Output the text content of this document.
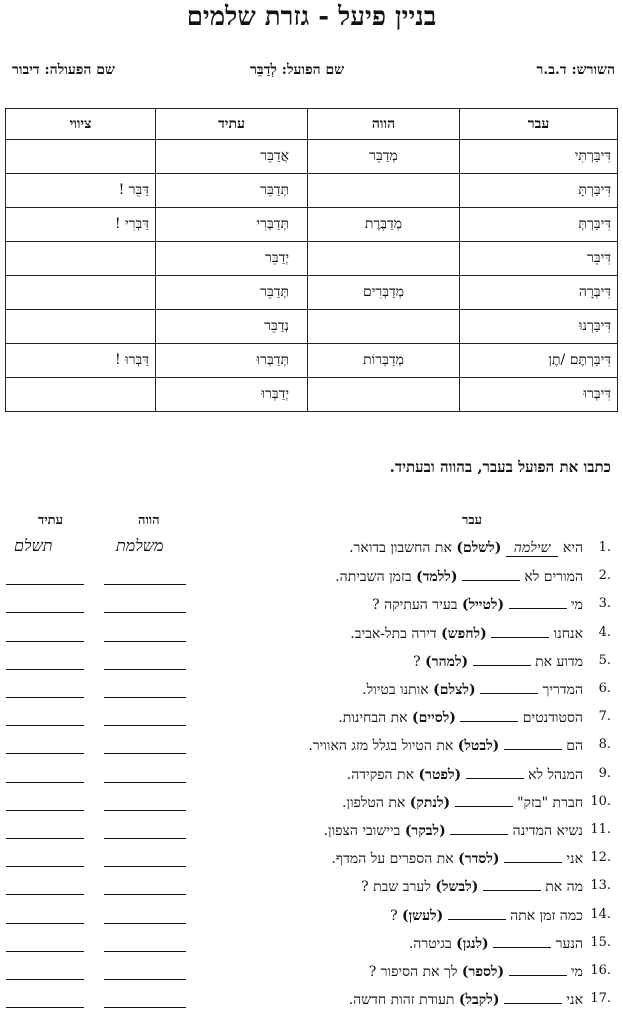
בניין פיעל - גזרת שלמים
השורש: ד.ב.ר
שם הפועל: לְדַבֵּר
שם הפעולה: דיבור
עבר	הווה	עתיד	ציווי
דִּיבַּרְתִּי	מְדַבֵּר	אֲדַבֵּר	
דִּיבַּרְתָּ		תְּדַבֵּר	דַּבֵּר !
דִּיבַּרְתְּ	מְדַבֶּרֶת	תְּדַבְּרִי	דַּבְּרִי !
דִּיבֵּר		יְדַבֵּר	
דִּיבְּרָה	מְדַבְּרִים	תְּדַבֵּר	
דִּיבַּרְנוּ		נְדַבֵּר	
דִּיבַּרְתֶּם /תֶן	מְדַבְּרוֹת	תְּדַבְּרוּ	דַּבְּרוּ !
דִּיבְּרוּ		יְדַבְּרוּ	
כתבו את הפועל בעבר, בהווה ובעתיד.
עבר
הווה
עתיד
משלמת
תשלם	1.
היא שילמה (לשלם) את החשבון בדואר.
2.
המורים לא  (ללמד) בזמן השביתה.
3.
מי  (לטייל) בעיר העתיקה ?
4.
אנחנו  (לחפש) דירה בתל-אביב.
5.
מדוע את  (למהר) ?
6.
המדריך  (לצלם) אותנו בטיול.
7.
הסטודנטים  (לסיים) את הבחינות.
8.
הם  (לבטל) את הטיול בגלל מזג האוויר.
9.
המנהל לא  (לפטר) את הפקידה.
10.
חברת "בזק"  (לנתק) את הטלפון.
11.
נשיא המדינה  (לבקר) ביישובי הצפון.
12.
אני  (לסדר) את הספרים על המדף.
13.
מה את  (לבשל) לערב שבת ?
14.
כמה זמן אתה  (לעשן) ?
15.
הנער  (לנגן) בגיטרה.
16.
מי  (לספר) לך את הסיפור ?
17.
אני  (לקבל) תעודת זהות חדשה.
